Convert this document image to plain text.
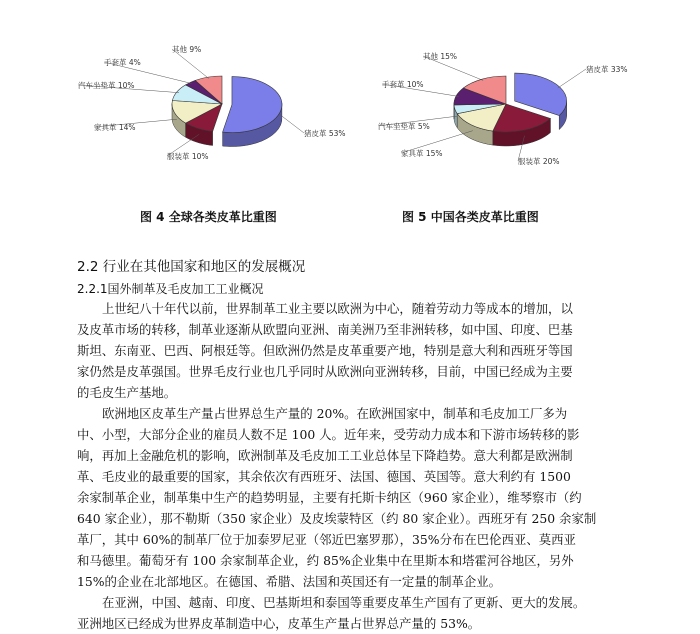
猪皮革 53%
服装革 10%
家具革 14%
汽车坐垫革 10%
手套革 4%
其他 9%
猪皮革 33%
服装革 20%
家具革 15%
汽车坐垫革 5%
手套革 10%
其他 15%
图 4 全球各类皮革比重图	图 5 中国各类皮革比重图
2.2 行业在其他国家和地区的发展概况
2.2.1国外制革及毛皮加工工业概况
上世纪八十年代以前，世界制革工业主要以欧洲为中心，随着劳动力等成本的增加，以
及皮革市场的转移，制革业逐渐从欧盟向亚洲、南美洲乃至非洲转移，如中国、印度、巴基
斯坦、东南亚、巴西、阿根廷等。但欧洲仍然是皮革重要产地，特别是意大利和西班牙等国
家仍然是皮革强国。世界毛皮行业也几乎同时从欧洲向亚洲转移，目前，中国已经成为主要
的毛皮生产基地。
欧洲地区皮革生产量占世界总生产量的 20%。在欧洲国家中，制革和毛皮加工厂多为
中、小型，大部分企业的雇员人数不足 100 人。近年来，受劳动力成本和下游市场转移的影
响，再加上金融危机的影响，欧洲制革及毛皮加工工业总体呈下降趋势。意大利都是欧洲制
革、毛皮业的最重要的国家，其余依次有西班牙、法国、德国、英国等。意大利约有 1500
余家制革企业，制革集中生产的趋势明显，主要有托斯卡纳区（960 家企业），维琴察市（约
640 家企业），那不勒斯（350 家企业）及皮埃蒙特区（约 80 家企业）。西班牙有 250 余家制
革厂，其中 60%的制革厂位于加泰罗尼亚（邻近巴塞罗那），35%分布在巴伦西亚、莫西亚
和马德里。葡萄牙有 100 余家制革企业，约 85%企业集中在里斯本和塔霍河谷地区，另外
15%的企业在北部地区。在德国、希腊、法国和英国还有一定量的制革企业。
在亚洲，中国、越南、印度、巴基斯坦和泰国等重要皮革生产国有了更新、更大的发展。
亚洲地区已经成为世界皮革制造中心，皮革生产量占世界总产量的 53%。
